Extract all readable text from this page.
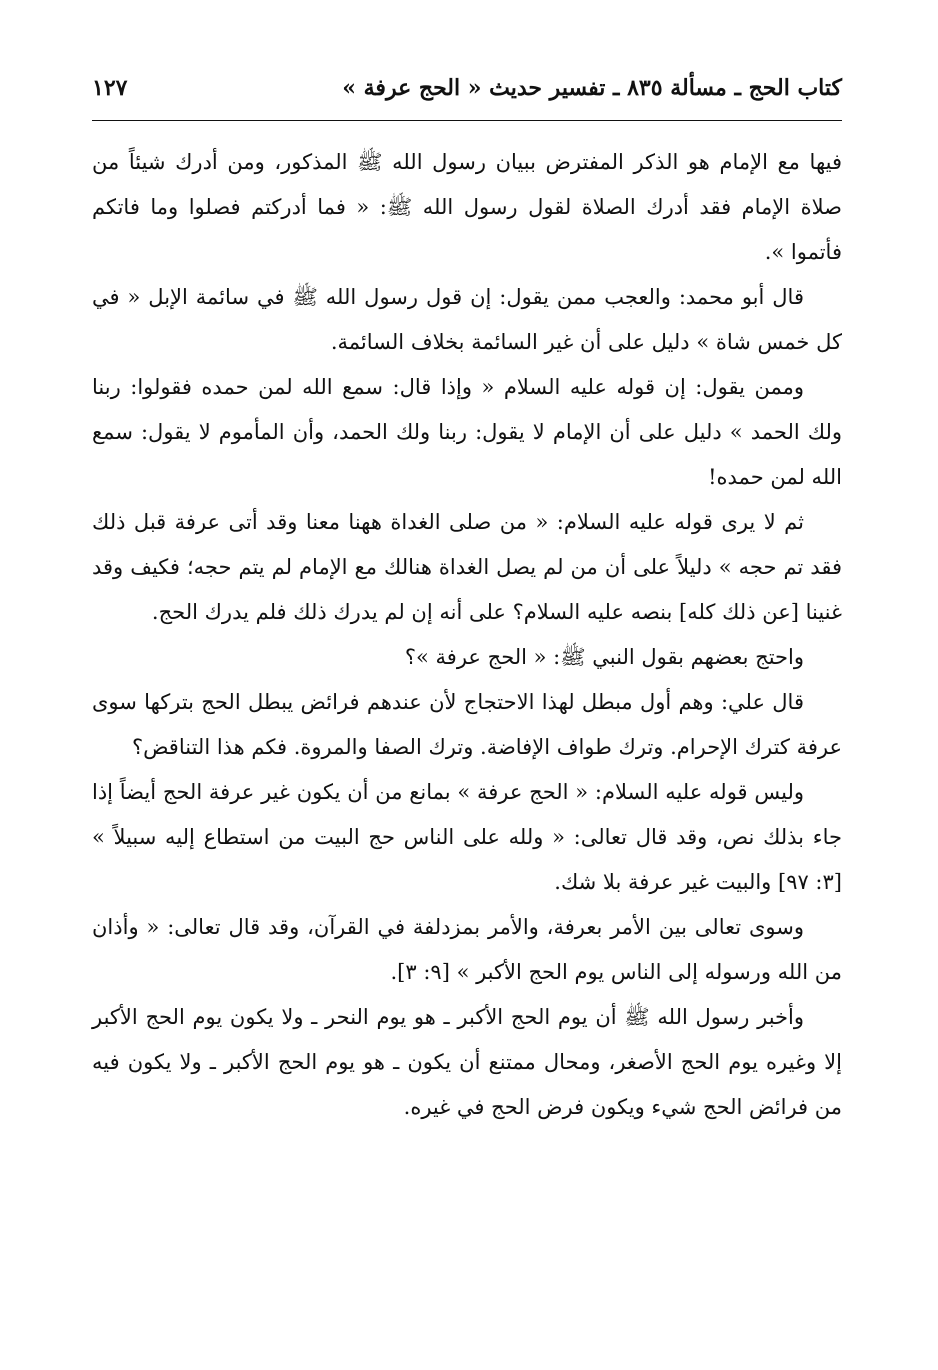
١٢٧	كتاب الحج ـ مسألة ٨٣٥ ـ تفسير حديث « الحج عرفة »

فيها مع الإمام هو الذكر المفترض ببيان رسول الله ﷺ المذكور، ومن أدرك شيئاً من صلاة الإمام فقد أدرك الصلاة لقول رسول الله ﷺ: « فما أدركتم فصلوا وما فاتكم فأتموا ».

قال أبو محمد: والعجب ممن يقول: إن قول رسول الله ﷺ في سائمة الإبل « في كل خمس شاة » دليل على أن غير السائمة بخلاف السائمة.

وممن يقول: إن قوله عليه السلام « وإذا قال: سمع الله لمن حمده فقولوا: ربنا ولك الحمد » دليل على أن الإمام لا يقول: ربنا ولك الحمد، وأن المأموم لا يقول: سمع الله لمن حمده!

ثم لا يرى قوله عليه السلام: « من صلى الغداة ههنا معنا وقد أتى عرفة قبل ذلك فقد تم حجه » دليلاً على أن من لم يصل الغداة هنالك مع الإمام لم يتم حجه؛ فكيف وقد غنينا [عن ذلك كله] بنصه عليه السلام؟ على أنه إن لم يدرك ذلك فلم يدرك الحج.

واحتج بعضهم بقول النبي ﷺ: « الحج عرفة »؟

قال علي: وهم أول مبطل لهذا الاحتجاج لأن عندهم فرائض يبطل الحج بتركها سوى عرفة كترك الإحرام. وترك طواف الإفاضة. وترك الصفا والمروة. فكم هذا التناقض؟

وليس قوله عليه السلام: « الحج عرفة » بمانع من أن يكون غير عرفة الحج أيضاً إذا جاء بذلك نص، وقد قال تعالى: « ولله على الناس حج البيت من استطاع إليه سبيلاً » [٣: ٩٧] والبيت غير عرفة بلا شك.

وسوى تعالى بين الأمر بعرفة، والأمر بمزدلفة في القرآن، وقد قال تعالى: « وأذان من الله ورسوله إلى الناس يوم الحج الأكبر » [٩: ٣].

وأخبر رسول الله ﷺ أن يوم الحج الأكبر ـ هو يوم النحر ـ ولا يكون يوم الحج الأكبر إلا وغيره يوم الحج الأصغر، ومحال ممتنع أن يكون ـ هو يوم الحج الأكبر ـ ولا يكون فيه من فرائض الحج شيء ويكون فرض الحج في غيره.
